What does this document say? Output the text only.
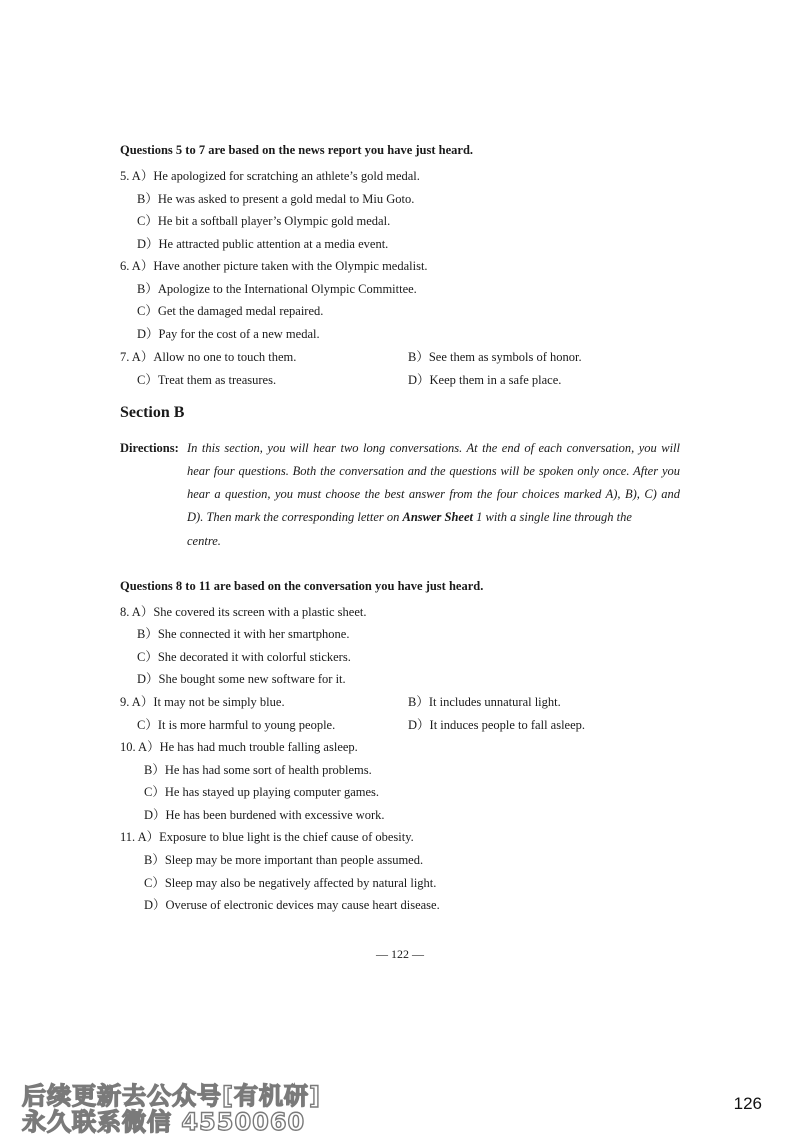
Questions 5 to 7 are based on the news report you have just heard.
5. A）He apologized for scratching an athlete’s gold medal.
B）He was asked to present a gold medal to Miu Goto.
C）He bit a softball player’s Olympic gold medal.
D）He attracted public attention at a media event.
6. A）Have another picture taken with the Olympic medalist.
B）Apologize to the International Olympic Committee.
C）Get the damaged medal repaired.
D）Pay for the cost of a new medal.
7. A）Allow no one to touch them.	B）See them as symbols of honor.
C）Treat them as treasures.	D）Keep them in a safe place.
Section B
Directions: In this section, you will hear two long conversations. At the end of each conversation, you will
hear four questions. Both the conversation and the questions will be spoken only once. After you
hear a question, you must choose the best answer from the four choices marked A), B), C) and
D). Then mark the corresponding letter on Answer Sheet 1 with a single line through the
centre.
Questions 8 to 11 are based on the conversation you have just heard.
8. A）She covered its screen with a plastic sheet.
B）She connected it with her smartphone.
C）She decorated it with colorful stickers.
D）She bought some new software for it.
9. A）It may not be simply blue.	B）It includes unnatural light.
C）It is more harmful to young people.	D）It induces people to fall asleep.
10. A）He has had much trouble falling asleep.
B）He has had some sort of health problems.
C）He has stayed up playing computer games.
D）He has been burdened with excessive work.
11. A）Exposure to blue light is the chief cause of obesity.
B）Sleep may be more important than people assumed.
C）Sleep may also be negatively affected by natural light.
D）Overuse of electronic devices may cause heart disease.
— 122 —
后续更新去公众号[有机研]
永久联系微信 4550060
126
